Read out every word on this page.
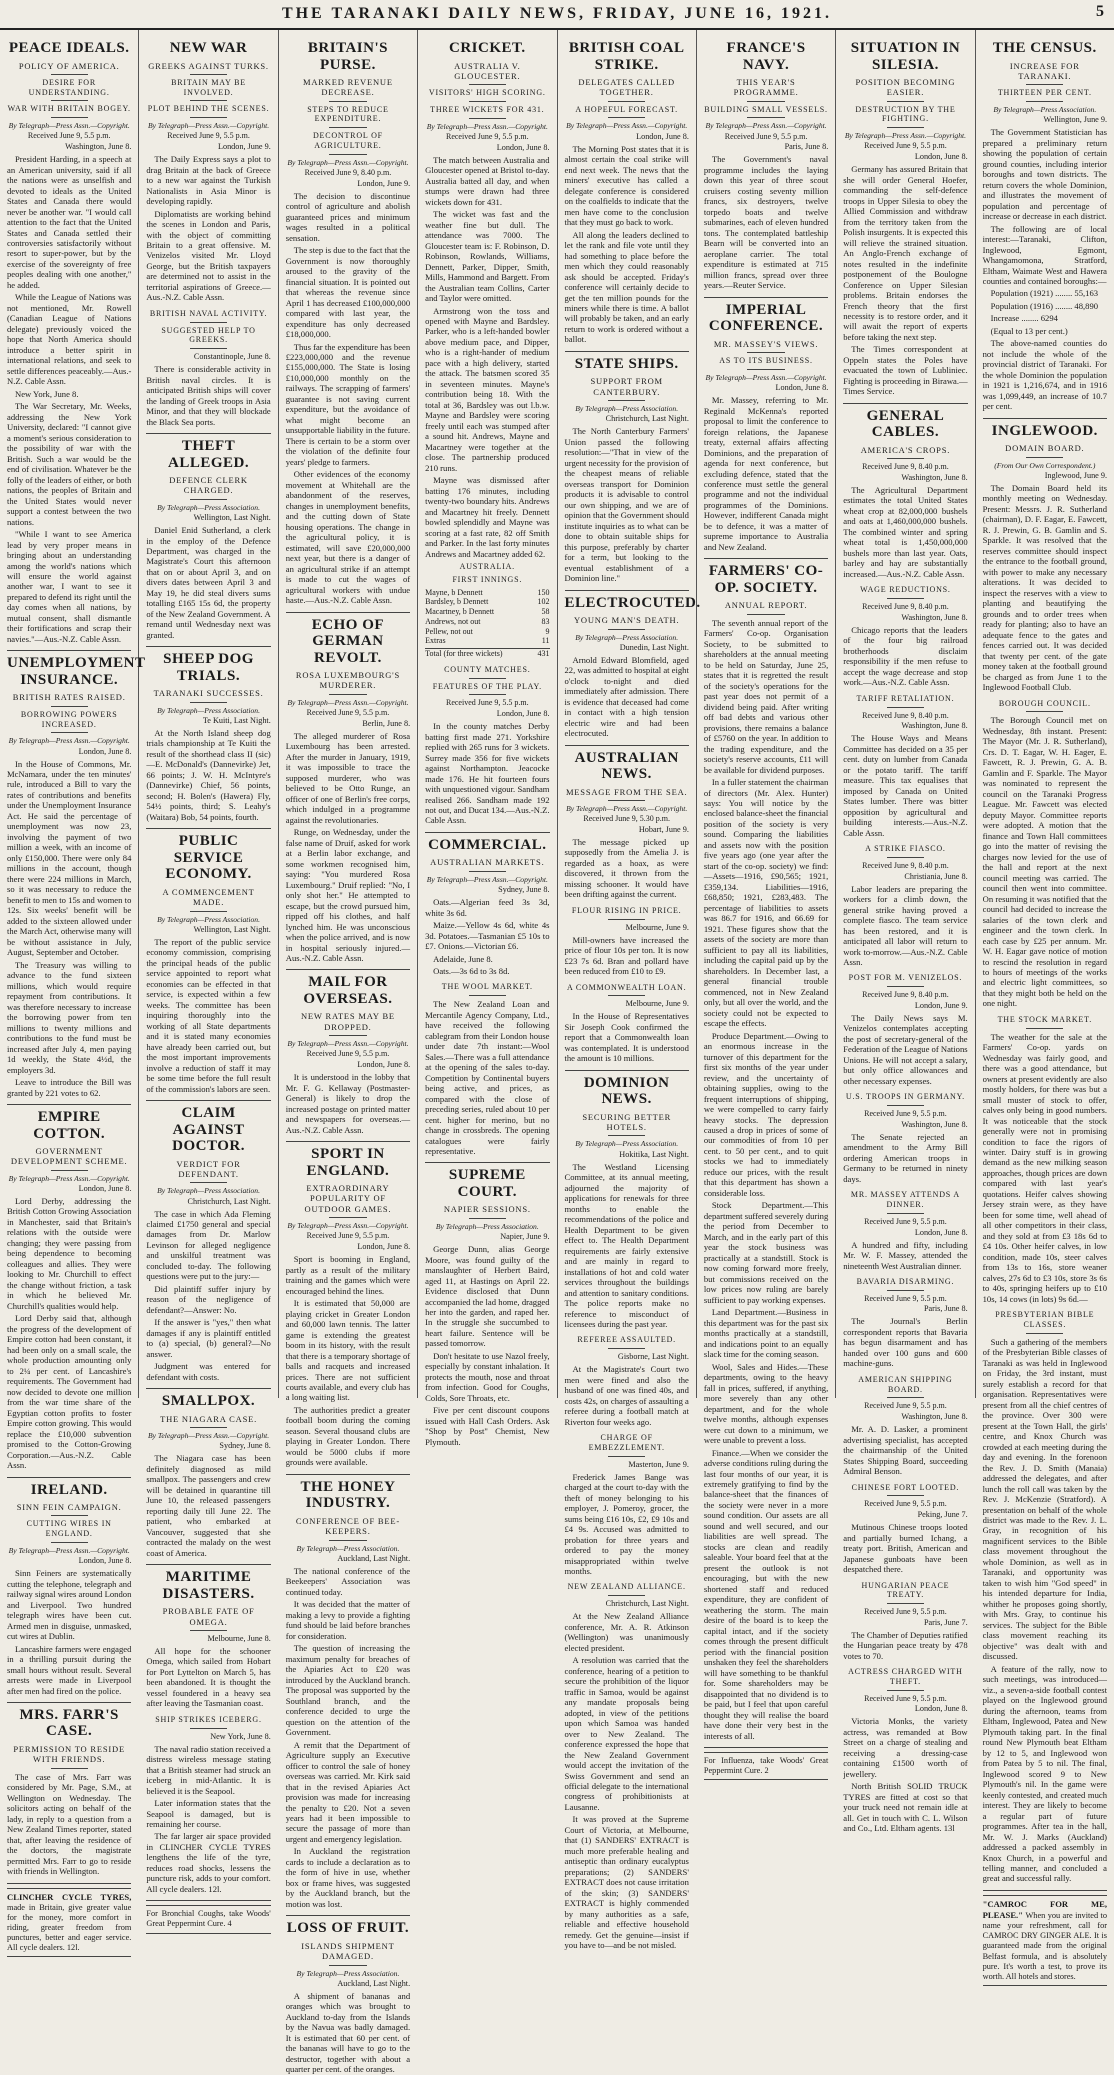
THE TARANAKI DAILY NEWS, FRIDAY, JUNE 16, 1921.	5
PEACE IDEALS.
POLICY OF AMERICA.
DESIRE FOR UNDERSTANDING.
WAR WITH BRITAIN BOGEY.
By Telegraph—Press Assn.—Copyright.
Received June 9, 5.5 p.m.
Washington, June 8.

President Harding, in a speech at an American university, said if all the nations were as unselfish and devoted to ideals as the United States and Canada there would never be another war. "I would call attention to the fact that the United States and Canada settled their controversies satisfactorily without resort to super-power, but by the exercise of the sovereignty of free peoples dealing with one another," he added.

While the League of Nations was not mentioned, Mr. Rowell (Canadian League of Nations delegate) previously voiced the hope that North America should introduce a better spirit in international relations, and seek to settle differences peaceably.—Aus.-N.Z. Cable Assn.

New York, June 8.

The War Secretary, Mr. Weeks, addressing the New York University, declared: "I cannot give a moment's serious consideration to the possibility of war with the British. Such a war would be the end of civilisation. Whatever be the folly of the leaders of either, or both nations, the peoples of Britain and the United States would never support a contest between the two nations.

"While I want to see America lead by very proper means in bringing about an understanding among the world's nations which will ensure the world against another war, I want to see it prepared to defend its right until the day comes when all nations, by mutual consent, shall dismantle their fortifications and scrap their navies."—Aus.-N.Z. Cable Assn.

UNEMPLOYMENT INSURANCE.
BRITISH RATES RAISED.
BORROWING POWERS INCREASED.
By Telegraph—Press Assn.—Copyright.
London, June 8.

In the House of Commons, Mr. McNamara, under the ten minutes' rule, introduced a Bill to vary the rates of contributions and benefits under the Unemployment Insurance Act. He said the percentage of unemployment was now 23, involving the payment of two million a week, with an income of only £150,000. There were only 84 millions in the account, though there were 224 millions in March, so it was necessary to reduce the benefit to men to 15s and women to 12s. Six weeks' benefit will be added to the sixteen allowed under the March Act, otherwise many will be without assistance in July, August, September and October.

The Treasury was willing to advance to the fund sixteen millions, which would require repayment from contributions. It was therefore necessary to increase the borrowing power from ten millions to twenty millions and contributions to the fund must be increased after July 4, men paying 1d weekly, the State 4½d, the employers 3d.

Leave to introduce the Bill was granted by 221 votes to 62.

EMPIRE COTTON.
GOVERNMENT DEVELOPMENT SCHEME.
By Telegraph—Press Assn.—Copyright.
London, June 8.

Lord Derby, addressing the British Cotton Growing Association in Manchester, said that Britain's relations with the outside were changing; they were passing from being dependence to becoming colleagues and allies. They were looking to Mr. Churchill to effect the change without friction, a task in which he believed Mr. Churchill's qualities would help.

Lord Derby said that, although the progress of the development of Empire cotton had been constant, it had been only on a small scale, the whole production amounting only to 2¼ per cent. of Lancashire's requirements. The Government had now decided to devote one million from the war time share of the Egyptian cotton profits to foster Empire cotton growing. This would replace the £10,000 subvention promised to the Cotton-Growing Corporation.—Aus.-N.Z. Cable Assn.

IRELAND.
SINN FEIN CAMPAIGN.
CUTTING WIRES IN ENGLAND.
By Telegraph—Press Assn.—Copyright.
London, June 8.

Sinn Feiners are systematically cutting the telephone, telegraph and railway signal wires around London and Liverpool. Two hundred telegraph wires have been cut. Armed men in disguise, unmasked, cut wires at Dublin.

Lancashire farmers were engaged in a thrilling pursuit during the small hours without result. Several arrests were made in Liverpool after men had fired on the police.

MRS. FARR'S CASE.
PERMISSION TO RESIDE WITH FRIENDS.

The case of Mrs. Farr was considered by Mr. Page, S.M., at Wellington on Wednesday. The solicitors acting on behalf of the lady, in reply to a question from a New Zealand Times reporter, stated that, after leaving the residence of the doctors, the magistrate permitted Mrs. Farr to go to reside with friends in Wellington.

CLINCHER CYCLE TYRES, made in Britain, give greater value for the money, more comfort in riding, greater freedom from punctures, better and eager service. All cycle dealers. 12l.
NEW WAR
GREEKS AGAINST TURKS.
BRITAIN MAY BE INVOLVED.
PLOT BEHIND THE SCENES.
By Telegraph—Press Assn.—Copyright.
Received June 9, 5.5 p.m.
London, June 9.

The Daily Express says a plot to drag Britain at the back of Greece to a new war against the Turkish Nationalists in Asia Minor is developing rapidly.

Diplomatists are working behind the scenes in London and Paris, with the object of committing Britain to a great offensive. M. Venizelos visited Mr. Lloyd George, but the British taxpayers are determined not to assist in the territorial aspirations of Greece.—Aus.-N.Z. Cable Assn.

BRITISH NAVAL ACTIVITY.
SUGGESTED HELP TO GREEKS.
Constantinople, June 8.

There is considerable activity in British naval circles. It is anticipated British ships will cover the landing of Greek troops in Asia Minor, and that they will blockade the Black Sea ports.

THEFT ALLEGED.
DEFENCE CLERK CHARGED.
By Telegraph—Press Association.
Wellington, Last Night.

Daniel Enid Sutherland, a clerk in the employ of the Defence Department, was charged in the Magistrate's Court this afternoon that on or about April 3, and on divers dates between April 3 and May 19, he did steal divers sums totalling £165 15s 6d, the property of the New Zealand Government. A remand until Wednesday next was granted.

SHEEP DOG TRIALS.
TARANAKI SUCCESSES.
By Telegraph—Press Association.
Te Kuiti, Last Night.

At the North Island sheep dog trials championship at Te Kuiti the result of the shorthead class II (sic)—E. McDonald's (Dannevirke) Jet, 66 points; J. W. H. McIntyre's (Dannevirke) Chief, 56 points, second; H. Bolen's (Hawera) Fly, 54½ points, third; S. Leahy's (Waitara) Bob, 54 points, fourth.

PUBLIC SERVICE ECONOMY.
A COMMENCEMENT MADE.
By Telegraph—Press Association.
Wellington, Last Night.

The report of the public service economy commission, comprising the principal heads of the public service appointed to report what economies can be effected in that service, is expected within a few weeks. The committee has been inquiring thoroughly into the working of all State departments and it is stated many economies have already been carried out, but the most important improvements involve a reduction of staff it may be some time before the full result of the commission's labors are seen.

CLAIM AGAINST DOCTOR.
VERDICT FOR DEFENDANT.
By Telegraph—Press Association.
Christchurch, Last Night.

The case in which Ada Fleming claimed £1750 general and special damages from Dr. Marlow Levinson for alleged negligence and unskilful treatment was concluded to-day. The following questions were put to the jury:—

Did plaintiff suffer injury by reason of the negligence of defendant?—Answer: No.

If the answer is "yes," then what damages if any is plaintiff entitled to (a) special, (b) general?—No answer.

Judgment was entered for defendant with costs.

SMALLPOX.
THE NIAGARA CASE.
By Telegraph—Press Assn.—Copyright.
Sydney, June 8.

The Niagara case has been definitely diagnosed as mild smallpox. The passengers and crew will be detained in quarantine till June 10, the released passengers reporting daily till June 22. The patient, who embarked at Vancouver, suggested that she contracted the malady on the west coast of America.

MARITIME DISASTERS.
PROBABLE FATE OF OMEGA.
Melbourne, June 8.

All hope for the schooner Omega, which sailed from Hobart for Port Lyttelton on March 5, has been abandoned. It is thought the vessel foundered in a heavy sea after leaving the Tasmanian coast.

SHIP STRIKES ICEBERG.
New York, June 8.

The naval radio station received a distress wireless message stating that a British steamer had struck an iceberg in mid-Atlantic. It is believed it is the Seapool.

Later information states that the Seapool is damaged, but is remaining her course.

The far larger air space provided in CLINCHER CYCLE TYRES lengthens the life of the tyre, reduces road shocks, lessens the puncture risk, adds to your comfort. All cycle dealers. 12l.

For Bronchial Coughs, take Woods' Great Peppermint Cure. 4
BRITAIN'S PURSE.
MARKED REVENUE DECREASE.
STEPS TO REDUCE EXPENDITURE.
DECONTROL OF AGRICULTURE.
By Telegraph—Press Assn.—Copyright.
Received June 9, 8.40 p.m.
London, June 9.

The decision to discontinue control of agriculture and abolish guaranteed prices and minimum wages resulted in a political sensation.

The step is due to the fact that the Government is now thoroughly aroused to the gravity of the financial situation. It is pointed out that whereas the revenue since April 1 has decreased £100,000,000 compared with last year, the expenditure has only decreased £18,000,000.

Thus far the expenditure has been £223,000,000 and the revenue £155,000,000. The State is losing £10,000,000 monthly on the railways. The scrapping of farmers' guarantee is not saving current expenditure, but the avoidance of what might become an unsupportable liability in the future. There is certain to be a storm over the violation of the definite four years' pledge to farmers.

Other evidences of the economy movement at Whitehall are the abandonment of the reserves, changes in unemployment benefits, and the cutting down of State housing operations. The change in the agricultural policy, it is estimated, will save £20,000,000 next year, but there is a danger of an agricultural strike if an attempt is made to cut the wages of agricultural workers with undue haste.—Aus.-N.Z. Cable Assn.

ECHO OF GERMAN REVOLT.
ROSA LUXEMBOURG'S MURDERER.
By Telegraph—Press Assn.—Copyright.
Received June 9, 5.5 p.m.
Berlin, June 8.

The alleged murderer of Rosa Luxembourg has been arrested. After the murder in January, 1919, it was impossible to trace the supposed murderer, who was believed to be Otto Runge, an officer of one of Berlin's free corps, which indulged in a programme against the revolutionaries.

Runge, on Wednesday, under the false name of Druif, asked for work at a Berlin labor exchange, and some workmen recognised him, saying: "You murdered Rosa Luxembourg." Druif replied: "No, I only shot her." He attempted to escape, but the crowd pursued him, ripped off his clothes, and half lynched him. He was unconscious when the police arrived, and is now in hospital seriously injured.—Aus.-N.Z. Cable Assn.

MAIL FOR OVERSEAS.
NEW RATES MAY BE DROPPED.
By Telegraph—Press Assn.—Copyright.
Received June 9, 5.5 p.m.
London, June 8.

It is understood in the lobby that Mr. F. G. Kellaway (Postmaster-General) is likely to drop the increased postage on printed matter and newspapers for overseas.—Aus.-N.Z. Cable Assn.

SPORT IN ENGLAND.
EXTRAORDINARY POPULARITY OF OUTDOOR GAMES.
By Telegraph—Press Assn.—Copyright.
Received June 9, 5.5 p.m.
London, June 8.

Sport is booming in England, partly as a result of the military training and the games which were encouraged behind the lines.

It is estimated that 50,000 are playing cricket in Greater London and 60,000 lawn tennis. The latter game is extending the greatest boom in its history, with the result that there is a temporary shortage of balls and racquets and increased prices. There are not sufficient courts available, and every club has a long waiting list.

The authorities predict a greater football boom during the coming season. Several thousand clubs are playing in Greater London. There would be 5000 clubs if more grounds were available.

THE HONEY INDUSTRY.
CONFERENCE OF BEE-KEEPERS.
By Telegraph—Press Association.
Auckland, Last Night.

The national conference of the Beekeepers' Association was continued today.

It was decided that the matter of making a levy to provide a fighting fund should be laid before branches for consideration.

The question of increasing the maximum penalty for breaches of the Apiaries Act to £20 was introduced by the Auckland branch. The proposal was supported by the Southland branch, and the conference decided to urge the question on the attention of the Government.

A remit that the Department of Agriculture supply an Executive officer to control the sale of honey overseas was carried. Mr. Kirk said that in the revised Apiaries Act provision was made for increasing the penalty to £20. Not a seven years had it been impossible to secure the passage of more than urgent and emergency legislation.

In Auckland the registration cards to include a declaration as to the form of hive in use, whether box or frame hives, was suggested by the Auckland branch, but the motion was lost.

LOSS OF FRUIT.
ISLANDS SHIPMENT DAMAGED.
By Telegraph—Press Association.
Auckland, Last Night.

A shipment of bananas and oranges which was brought to Auckland to-day from the Islands by the Navua was badly damaged. It is estimated that 60 per cent. of the bananas will have to go to the destructor, together with about a quarter per cent. of the oranges.

CRICKET.
AUSTRALIA V. GLOUCESTER.
VISITORS' HIGH SCORING.
THREE WICKETS FOR 431.
By Telegraph—Press Assn.—Copyright.
Received June 9, 5.5 p.m.
London, June 8.

The match between Australia and Gloucester opened at Bristol to-day. Australia batted all day, and when stumps were drawn had three wickets down for 431.

The wicket was fast and the weather fine but dull. The attendance was 7000. The Gloucester team is: F. Robinson, D. Robinson, Rowlands, Williams, Dennett, Parker, Dipper, Smith, Mills, Hammond and Bargett. From the Australian team Collins, Carter and Taylor were omitted.

Armstrong won the toss and opened with Mayne and Bardsley. Parker, who is a left-handed bowler above medium pace, and Dipper, who is a right-hander of medium pace with a high delivery, started the attack. The batsmen scored 35 in seventeen minutes. Mayne's contribution being 18. With the total at 36, Bardsley was out l.b.w. Mayne and Bardsley were scoring freely until each was stumped after a sound hit. Andrews, Mayne and Macartney were together at the close. The partnership produced 210 runs.

Mayne was dismissed after batting 176 minutes, including twenty-two boundary hits. Andrews and Macartney hit freely. Dennett bowled splendidly and Mayne was scoring at a fast rate, 82 off Smith and Parker. In the last forty minutes Andrews and Macartney added 62.

AUSTRALIA.
FIRST INNINGS.
Mayne, b Dennett	150
Bardsley, b Dennett	102
Macartney, b Dennett	58
Andrews, not out	83
Pellew, not out	9
Extras	11
Total (for three wickets)	431
COUNTY MATCHES.
FEATURES OF THE PLAY.
Received June 9, 5.5 p.m.
London, June 8.

In the county matches Derby batting first made 271. Yorkshire replied with 265 runs for 3 wickets. Surrey made 356 for five wickets against Northampton. Jeacocke made 176. He hit fourteen fours with unquestioned vigour. Sandham realised 266. Sandham made 192 not out, and Ducat 134.—Aus.-N.Z. Cable Assn.

COMMERCIAL.
AUSTRALIAN MARKETS.
By Telegraph—Press Assn.—Copyright.
Sydney, June 8.

Oats.—Algerian feed 3s 3d, white 3s 6d.

Maize.—Yellow 4s 6d, white 4s 3d. Potatoes.—Tasmanian £5 10s to £7. Onions.—Victorian £6.

Adelaide, June 8.

Oats.—3s 6d to 3s 8d.

THE WOOL MARKET.

The New Zealand Loan and Mercantile Agency Company, Ltd., have received the following cablegram from their London house under date 7th instant:—Wool Sales.—There was a full attendance at the opening of the sales to-day. Competition by Continental buyers being active, and prices, as compared with the close of preceding series, ruled about 10 per cent. higher for merino, but no change in crossbreds. The opening catalogues were fairly representative.

SUPREME COURT.
NAPIER SESSIONS.
By Telegraph—Press Association.
Napier, June 9.

George Dunn, alias George Moore, was found guilty of the manslaughter of Herbert Baird, aged 11, at Hastings on April 22. Evidence disclosed that Dunn accompanied the lad home, dragged her into the garden, and raped her. In the struggle she succumbed to heart failure. Sentence will be passed tomorrow.

Don't hesitate to use Nazol freely, especially by constant inhalation. It protects the mouth, nose and throat from infection. Good for Coughs, Colds, Sore Throats, etc.

Five per cent discount coupons issued with Hall Cash Orders. Ask "Shop by Post" Chemist, New Plymouth.

BRITISH COAL STRIKE.
DELEGATES CALLED TOGETHER.
A HOPEFUL FORECAST.
By Telegraph—Press Assn.—Copyright.
London, June 8.

The Morning Post states that it is almost certain the coal strike will end next week. The news that the miners' executive has called a delegate conference is considered on the coalfields to indicate that the men have come to the conclusion that they must go back to work.

All along the leaders declined to let the rank and file vote until they had something to place before the men which they could reasonably ask should be accepted. Friday's conference will certainly decide to get the ten million pounds for the miners while there is time. A ballot will probably be taken, and an early return to work is ordered without a ballot.

STATE SHIPS.
SUPPORT FROM CANTERBURY.
By Telegraph—Press Association.
Christchurch, Last Night.

The North Canterbury Farmers' Union passed the following resolution:—"That in view of the urgent necessity for the provision of the cheapest means of reliable overseas transport for Dominion products it is advisable to control our own shipping, and we are of opinion that the Government should institute inquiries as to what can be done to obtain suitable ships for this purpose, preferably by charter for a term, but looking to the eventual establishment of a Dominion line."

ELECTROCUTED.
YOUNG MAN'S DEATH.
By Telegraph—Press Association.
Dunedin, Last Night.

Arnold Edward Blomfield, aged 22, was admitted to hospital at eight o'clock to-night and died immediately after admission. There is evidence that deceased had come in contact with a high tension electric wire and had been electrocuted.

AUSTRALIAN NEWS.
MESSAGE FROM THE SEA.
By Telegraph—Press Assn.—Copyright.
Received June 9, 5.30 p.m.
Hobart, June 9.

The message picked up supposedly from the Amelia J. is regarded as a hoax, as were discovered, it thrown from the missing schooner. It would have been drifting against the current.

FLOUR RISING IN PRICE.
Melbourne, June 9.

Mill-owners have increased the price of flour 10s per ton. It is now £23 7s 6d. Bran and pollard have been reduced from £10 to £9.

A COMMONWEALTH LOAN.
Melbourne, June 9.

In the House of Representatives Sir Joseph Cook confirmed the report that a Commonwealth loan was contemplated. It is understood the amount is 10 millions.

DOMINION NEWS.
SECURING BETTER HOTELS.
By Telegraph—Press Association.
Hokitika, Last Night.

The Westland Licensing Committee, at its annual meeting, adjourned the majority of applications for renewals for three months to enable the recommendations of the police and Health Department to be given effect to. The Health Department requirements are fairly extensive and are mainly in regard to installations of hot and cold water services throughout the buildings and attention to sanitary conditions. The police reports make no reference to misconduct of licensees during the past year.

REFEREE ASSAULTED.
Gisborne, Last Night.

At the Magistrate's Court two men were fined and also the husband of one was fined 40s, and costs 42s, on charges of assaulting a referee during a football match at Riverton four weeks ago.

CHARGE OF EMBEZZLEMENT.
Masterton, June 9.

Frederick James Bange was charged at the court to-day with the theft of money belonging to his employer, J. Pomeroy, grocer, the sums being £16 10s, £2, £9 10s and £4 9s. Accused was admitted to probation for three years and ordered to pay the money misappropriated within twelve months.

NEW ZEALAND ALLIANCE.
Christchurch, Last Night.

At the New Zealand Alliance conference, Mr. A. R. Atkinson (Wellington) was unanimously elected president.

A resolution was carried that the conference, hearing of a petition to secure the prohibition of the liquor traffic in Samoa, would be against any mandate proposals being adopted, in view of the petitions upon which Samoa was handed over to New Zealand. The conference expressed the hope that the New Zealand Government would accept the invitation of the Swiss Government and send an official delegate to the international congress of prohibitionists at Lausanne.

It was proved at the Supreme Court of Victoria, at Melbourne, that (1) SANDERS' EXTRACT is much more preferable healing and antiseptic than ordinary eucalyptus preparations; (2) SANDERS' EXTRACT does not cause irritation of the skin; (3) SANDERS' EXTRACT is highly commended by many authorities as a safe, reliable and effective household remedy. Get the genuine—insist if you have to—and be not misled.

FRANCE'S NAVY.
THIS YEAR'S PROGRAMME.
BUILDING SMALL VESSELS.
By Telegraph—Press Assn.—Copyright.
Received June 9, 5.5 p.m.
Paris, June 8.

The Government's naval programme includes the laying down this year of three scout cruisers costing seventy million francs, six destroyers, twelve torpedo boats and twelve submarines, each of eleven hundred tons. The contemplated battleship Bearn will be converted into an aeroplane carrier. The total expenditure is estimated at 715 million francs, spread over three years.—Reuter Service.

IMPERIAL CONFERENCE.
MR. MASSEY'S VIEWS.
AS TO ITS BUSINESS.
By Telegraph—Press Assn.—Copyright.
London, June 8.

Mr. Massey, referring to Mr. Reginald McKenna's reported proposal to limit the conference to foreign relations, the Japanese treaty, external affairs affecting Dominions, and the preparation of agenda for next conference, but excluding defence, stated that the conference must settle the general programme and not the individual programmes of the Dominions. However, indifferent Canada might be to defence, it was a matter of supreme importance to Australia and New Zealand.

FARMERS' CO-OP. SOCIETY.
ANNUAL REPORT.

The seventh annual report of the Farmers' Co-op. Organisation Society, to be submitted to shareholders at the annual meeting to be held on Saturday, June 25, states that it is regretted the result of the society's operations for the past year does not permit of a dividend being paid. After writing off bad debts and various other provisions, there remains a balance of £5760 on the year. In addition to the trading expenditure, and the society's reserve accounts, £11 will be available for dividend purposes.

In a fuller statement the chairman of directors (Mr. Alex. Hunter) says: You will notice by the enclosed balance-sheet the financial position of the society is very sound. Comparing the liabilities and assets now with the position five years ago (one year after the start of the co-op. society) we find:—Assets—1916, £90,565; 1921, £359,134. Liabilities—1916, £68,850; 1921, £283,483. The percentage of liabilities to assets was 86.7 for 1916, and 66.69 for 1921. These figures show that the assets of the society are more than sufficient to pay all its liabilities, including the capital paid up by the shareholders. In December last, a general financial trouble commenced, not in New Zealand only, but all over the world, and the society could not be expected to escape the effects.

Produce Department.—Owing to an enormous increase in the turnover of this department for the first six months of the year under review, and the uncertainty of obtaining supplies, owing to the frequent interruptions of shipping, we were compelled to carry fairly heavy stocks. The depression caused a drop in prices of some of our commodities of from 10 per cent. to 50 per cent., and to quit stocks we had to immediately reduce our prices, with the result that this department has shown a considerable loss.

Stock Department.—This department suffered severely during the period from December to March, and in the early part of this year the stock business was practically at a standstill. Stock is now coming forward more freely, but commissions received on the low prices now ruling are barely sufficient to pay working expenses.

Land Department.—Business in this department was for the past six months practically at a standstill, and indications point to an equally slack time for the coming season.

Wool, Sales and Hides.—These departments, owing to the heavy fall in prices, suffered, if anything, more severely than any other department, and for the whole twelve months, although expenses were cut down to a minimum, we were unable to prevent a loss.

Finance.—When we consider the adverse conditions ruling during the last four months of our year, it is extremely gratifying to find by the balance-sheet that the finances of the society were never in a more sound condition. Our assets are all sound and well secured, and our liabilities are well spread. The stocks are clean and readily saleable. Your board feel that at the present the outlook is not encouraging, but with the new shortened staff and reduced expenditure, they are confident of weathering the storm. The main desire of the board is to keep the capital intact, and if the society comes through the present difficult period with the financial position unshaken they feel the shareholders will have something to be thankful for. Some shareholders may be disappointed that no dividend is to be paid, but I feel that upon careful thought they will realise the board have done their very best in the interests of all.

For Influenza, take Woods' Great Peppermint Cure. 2
SITUATION IN SILESIA.
POSITION BECOMING EASIER.
DESTRUCTION BY THE FIGHTING.
By Telegraph—Press Assn.—Copyright.
Received June 9, 5.5 p.m.
London, June 8.

Germany has assured Britain that she will order General Hoefer, commanding the self-defence troops in Upper Silesia to obey the Allied Commission and withdraw from the territory taken from the Polish insurgents. It is expected this will relieve the strained situation. An Anglo-French exchange of notes resulted in the indefinite postponement of the Boulogne Conference on Upper Silesian problems. Britain endorses the French theory that the first necessity is to restore order, and it will await the report of experts before taking the next step.

The Times correspondent at Oppeln states the Poles have evacuated the town of Lubliniec. Fighting is proceeding in Birawa.—Times Service.

GENERAL CABLES.
AMERICA'S CROPS.
Received June 9, 8.40 p.m.
Washington, June 8.

The Agricultural Department estimates the total United States wheat crop at 82,000,000 bushels and oats at 1,460,000,000 bushels. The combined winter and spring wheat total is 1,450,000,000 bushels more than last year. Oats, barley and hay are substantially increased.—Aus.-N.Z. Cable Assn.

WAGE REDUCTIONS.
Received June 9, 8.40 p.m.
Washington, June 8.

Chicago reports that the leaders of the four big railroad brotherhoods disclaim responsibility if the men refuse to accept the wage decrease and stop work.—Aus.-N.Z. Cable Assn.

TARIFF RETALIATION.
Received June 9, 8.40 p.m.
Washington, June 8.

The House Ways and Means Committee has decided on a 35 per cent. duty on lumber from Canada or the potato tariff. The tariff measure. This tax equalises that imposed by Canada on United States lumber. There was bitter opposition by agricultural and building interests.—Aus.-N.Z. Cable Assn.

A STRIKE FIASCO.
Received June 9, 8.40 p.m.
Christiania, June 8.

Labor leaders are preparing the workers for a climb down, the general strike having proved a complete fiasco. The team service has been restored, and it is anticipated all labor will return to work to-morrow.—Aus.-N.Z. Cable Assn.

POST FOR M. VENIZELOS.
Received June 9, 8.40 p.m.
London, June 9.

The Daily News says M. Venizelos contemplates accepting the post of secretary-general of the Federation of the League of Nations Unions. He will not accept a salary, but only office allowances and other necessary expenses.

U.S. TROOPS IN GERMANY.
Received June 9, 5.5 p.m.
Washington, June 8.

The Senate rejected an amendment to the Army Bill ordering American troops in Germany to be returned in ninety days.

MR. MASSEY ATTENDS A DINNER.
Received June 9, 5.5 p.m.
London, June 8.

A hundred and fifty, including Mr. W. F. Massey, attended the nineteenth West Australian dinner.

BAVARIA DISARMING.
Received June 9, 5.5 p.m.
Paris, June 8.

The Journal's Berlin correspondent reports that Bavaria has begun disarmament and has handed over 100 guns and 600 machine-guns.

AMERICAN SHIPPING BOARD.
Received June 9, 5.5 p.m.
Washington, June 8.

Mr. A. D. Lasker, a prominent advertising specialist, has accepted the chairmanship of the United States Shipping Board, succeeding Admiral Benson.

CHINESE FORT LOOTED.
Received June 9, 5.5 p.m.
Peking, June 7.

Mutinous Chinese troops looted and partially burned Ichang, a treaty port. British, American and Japanese gunboats have been despatched there.

HUNGARIAN PEACE TREATY.
Received June 9, 5.5 p.m.
Paris, June 7.

The Chamber of Deputies ratified the Hungarian peace treaty by 478 votes to 70.

ACTRESS CHARGED WITH THEFT.
Received June 9, 5.5 p.m.
London, June 8.

Victoria Monks, the variety actress, was remanded at Bow Street on a charge of stealing and receiving a dressing-case containing £1500 worth of jewellery.

North British SOLID TRUCK TYRES are fitted at cost so that your truck need not remain idle at all. Get in touch with C. L. Wilson and Co., Ltd. Eltham agents. 13l

THE CENSUS.
INCREASE FOR TARANAKI.
THIRTEEN PER CENT.
By Telegraph—Press Association.
Wellington, June 9.

The Government Statistician has prepared a preliminary return showing the population of certain ground counties, including interior boroughs and town districts. The return covers the whole Dominion, and illustrates the movement of population and percentage of increase or decrease in each district.

The following are of local interest:—Taranaki, Clifton, Inglewood, Egmont, Whangamomona, Stratford, Eltham, Waimate West and Hawera counties and contained boroughs:—

Population (1921) ........ 55,163

Population (1916) ........ 48,890

Increase ........ 6294

(Equal to 13 per cent.)

The above-named counties do not include the whole of the provincial district of Taranaki. For the whole Dominion the population in 1921 is 1,216,674, and in 1916 was 1,099,449, an increase of 10.7 per cent.

INGLEWOOD.
DOMAIN BOARD.
(From Our Own Correspondent.)
Inglewood, June 9.

The Domain Board held its monthly meeting on Wednesday. Present: Messrs. J. R. Sutherland (chairman), D. F. Eagar, E. Fawcett, R. J. Prewin, G. B. Gamlin and S. Sparkle. It was resolved that the reserves committee should inspect the entrance to the football ground, with power to make any necessary alterations. It was decided to inspect the reserves with a view to planting and beautifying the grounds and to order trees when ready for planting; also to have an adequate fence to the gates and fences carried out. It was decided that twenty per cent. of the gate money taken at the football ground be charged as from June 1 to the Inglewood Football Club.

BOROUGH COUNCIL.

The Borough Council met on Wednesday, 8th instant. Present: The Mayor (Mr. J. R. Sutherland), Crs. D. T. Eagar, W. H. Eager, E. Fawcett, R. J. Prewin, G. A. B. Gamlin and F. Sparkle. The Mayor was nominated to represent the council on the Taranaki Progress League. Mr. Fawcett was elected deputy Mayor. Committee reports were adopted. A motion that the finance and Town Hall committees go into the matter of revising the charges now levied for the use of the hall and report at the next council meeting was carried. The council then went into committee. On resuming it was notified that the council had decided to increase the salaries of the town clerk and engineer and the town clerk. In each case by £25 per annum. Mr. W. H. Eagar gave notice of motion to rescind the resolution in regard to hours of meetings of the works and electric light committees, so that they might both be held on the one night.

THE STOCK MARKET.

The weather for the sale at the Farmers' Co-op. yards on Wednesday was fairly good, and there was a good attendance, but owners at present evidently are also mostly holders, for there was but a small muster of stock to offer, calves only being in good numbers. It was noticeable that the stock generally were not in promising condition to face the rigors of winter. Dairy stuff is in growing demand as the new milking season approaches, though prices are down compared with last year's quotations. Heifer calves showing Jersey strain were, as they have been for some time, well ahead of all other competitors in their class, and they sold at from £3 18s 6d to £4 10s. Other heifer calves, in low condition, made 10s, steer calves from 13s to 16s, store weaner calves, 27s 6d to £3 10s, store 3s 6s to 40s, springing heifers up to £10 10s, 14 cows (in lots) 9s 6d.—

PRESBYTERIAN BIBLE CLASSES.

Such a gathering of the members of the Presbyterian Bible classes of Taranaki as was held in Inglewood on Friday, the 3rd instant, must surely establish a record for that organisation. Representatives were present from all the chief centres of the province. Over 300 were present at the Town Hall, the girls' centre, and Knox Church was crowded at each meeting during the day and evening. In the forenoon the Rev. J. D. Smith (Manaia) addressed the delegates, and after lunch the roll call was taken by the Rev. J. McKenzie (Stratford). A presentation on behalf of the whole district was made to the Rev. J. L. Gray, in recognition of his magnificent services to the Bible class movement throughout the whole Dominion, as well as in Taranaki, and opportunity was taken to wish him "God speed" in his intended departure for India, whither he proposes going shortly, with Mrs. Gray, to continue his services. The subject for the Bible class movement reaching its objective" was dealt with and discussed.

A feature of the rally, now to such meetings, was introduced—viz., a seven-a-side football contest played on the Inglewood ground during the afternoon, teams from Eltham, Inglewood, Patea and New Plymouth taking part. In the final round New Plymouth beat Eltham by 12 to 5, and Inglewood won from Patea by 5 to nil. The final, Inglewood scored 9 to New Plymouth's nil. In the game were keenly contested, and created much interest. They are likely to become a regular part of future programmes. After tea in the hall, Mr. W. J. Marks (Auckland) addressed a packed assembly in Knox Church, in a powerful and telling manner, and concluded a great and successful rally.

"CAMROC FOR ME, PLEASE." When you are invited to name your refreshment, call for CAMROC DRY GINGER ALE. It is guaranteed made from the original Belfast formula, and is absolutely pure. It's worth a test, to prove its worth. All hotels and stores.
